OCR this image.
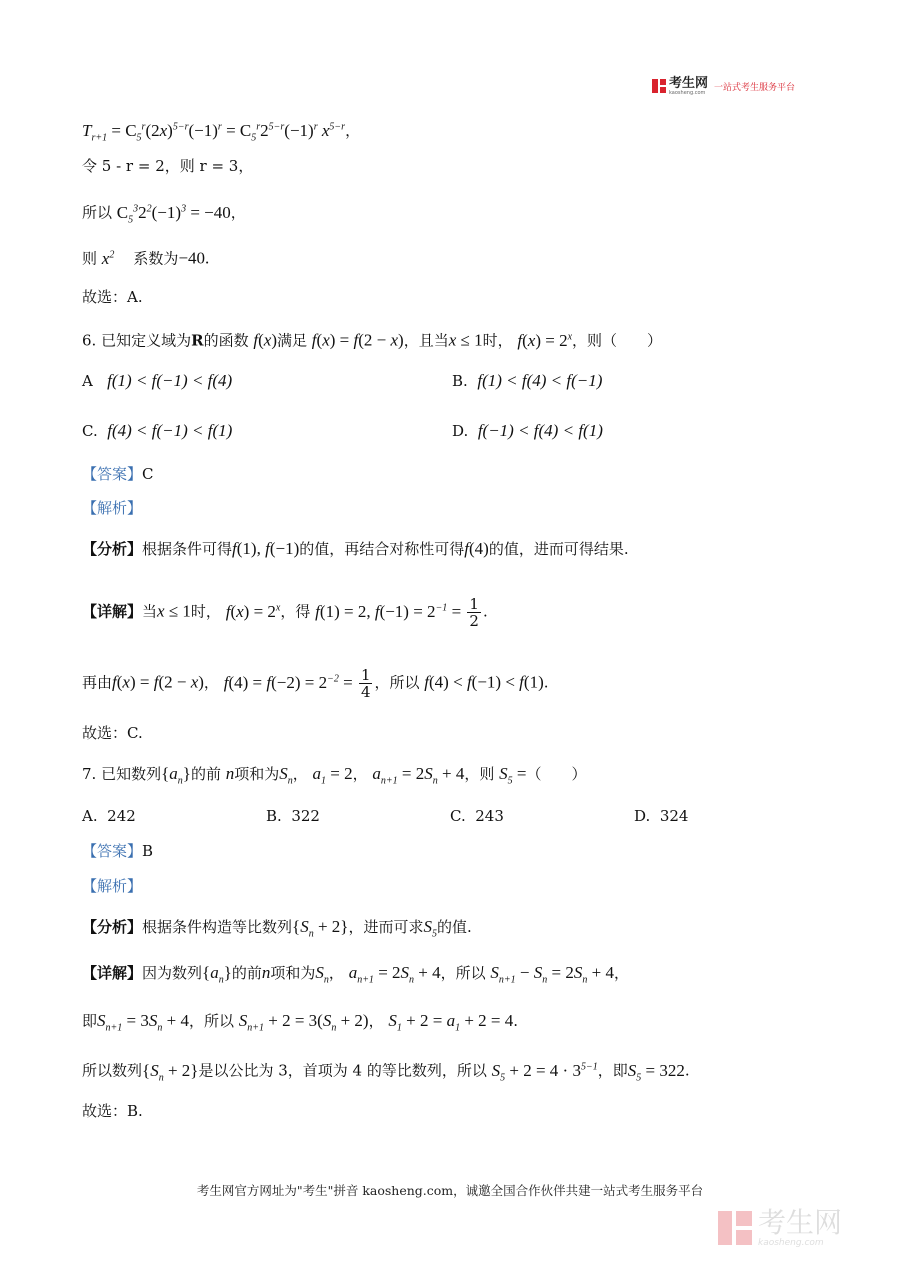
考生网
kaosheng.com 一站式考生服务平台
$T_{r+1} = C_5^r(2x)^{5-r}(-1)^r = C_5^r2^{5-r}(-1)^r$ $x^{5-r}$，
令 5 - r = 2，则 r = 3，
所以 $C_5^32^2(-1)^3 = -40$，
则 $x^2$ 系数为−40.
故选：A.
6. 已知定义域为R的函数 f(x)满足 f(x) = f(2 − x)，且当x ≤ 1时， $f(x) = 2^x$，则（　　）
A f(1) < f(−1) < f(4)	B. f(1) < f(4) < f(−1)
C. f(4) < f(−1) < f(1)	D. f(−1) < f(4) < f(1)
【答案】C
【解析】
【分析】根据条件可得f(1), f(−1)的值，再结合对称性可得f(4)的值，进而可得结果.
【详解】当x ≤ 1时， $f(x) = 2^x$，得 f(1) = 2, $f(-1) = 2^{-1} = \frac{1}{2}$ .
再由f(x) = f(2 − x)， $f(4) = f(-2) = 2^{-2} = \frac{1}{4}$ ，所以 f(4) < f(−1) < f(1).
故选：C.
7. 已知数列$\{a_n\}$的前 n项和为$S_n$， $a_1 = 2$， $a_{n+1} = 2S_n + 4$，则 $S_5$ =（　　）
A. 242	B. 322	C. 243	D. 324
【答案】B
【解析】
【分析】根据条件构造等比数列$\{S_n + 2\}$，进而可求$S_5$的值.
【详解】因为数列$\{a_n\}$的前n项和为$S_n$， $a_{n+1} = 2S_n + 4$，所以 $S_{n+1} - S_n = 2S_n + 4$，
即$S_{n+1} = 3S_n + 4$，所以 $S_{n+1} + 2 = 3(S_n + 2)$， $S_1 + 2 = a_1 + 2 = 4$.
所以数列$\{S_n + 2\}$是以公比为 3，首项为 4 的等比数列，所以 $S_5 + 2 = 4 \cdot 3^{5-1}$，即$S_5 = 322$.
故选：B.
考生网官方网址为"考生"拼音 kaosheng.com，诚邀全国合作伙伴共建一站式考生服务平台
考生网
kaosheng.com
